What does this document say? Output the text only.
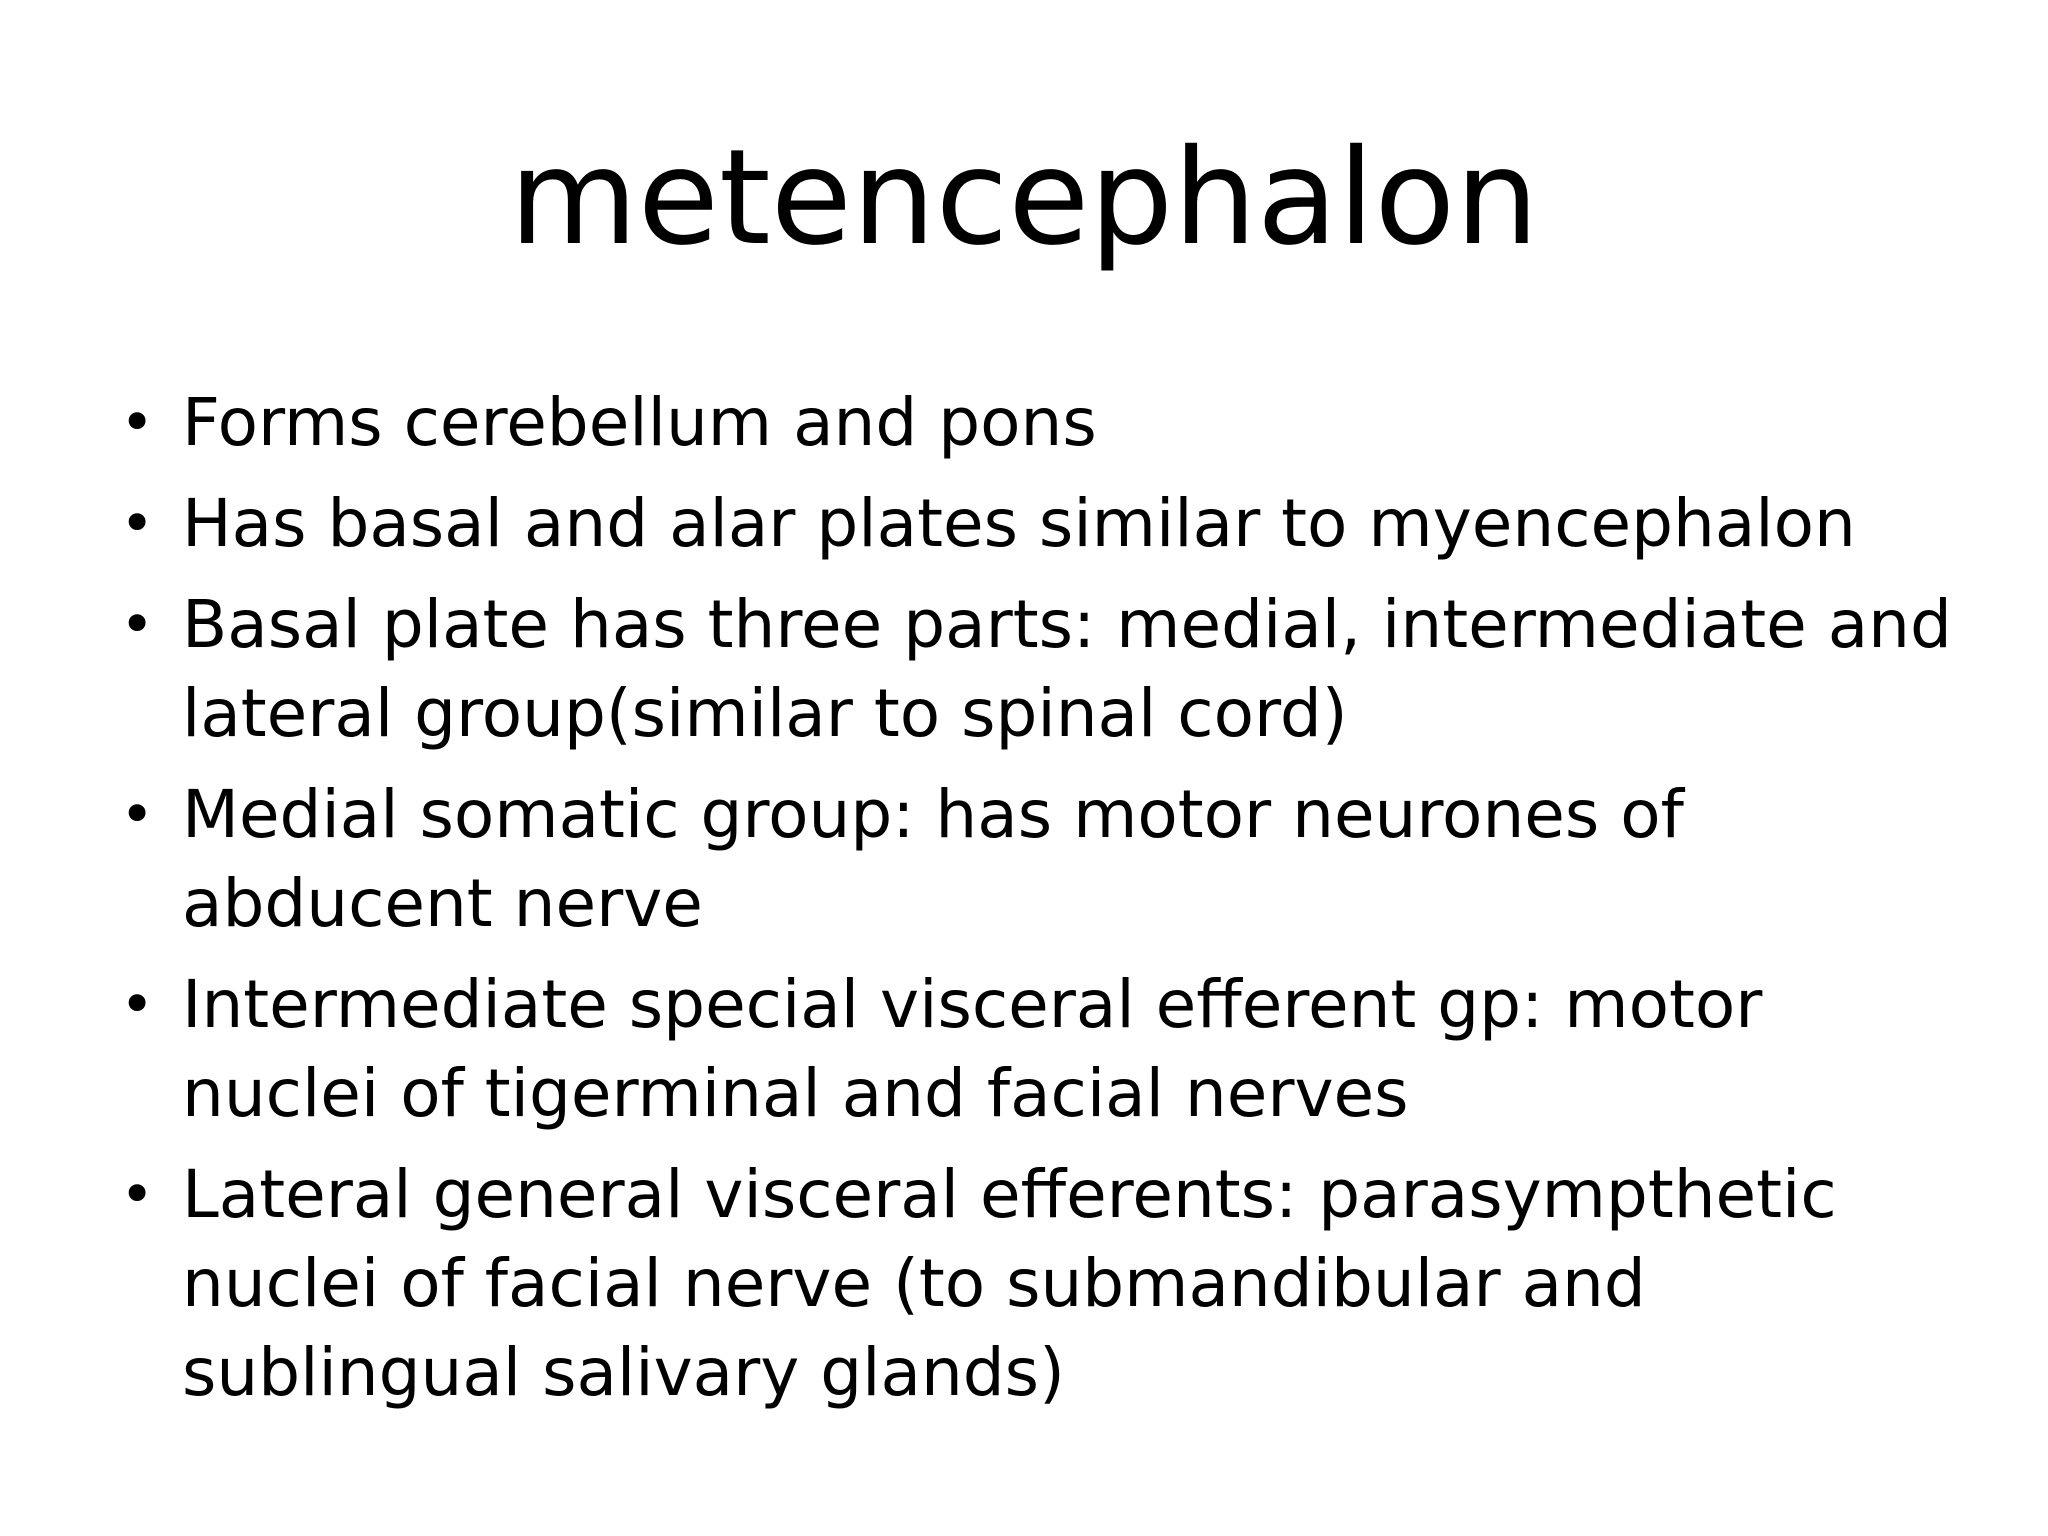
metencephalon
• Forms cerebellum and pons
• Has basal and alar plates similar to myencephalon
• Basal plate has three parts: medial, intermediate and lateral group(similar to spinal cord)
• Medial somatic group: has motor neurones of abducent nerve
• Intermediate special visceral efferent gp: motor nuclei of tigerminal and facial nerves
• Lateral general visceral efferents: parasympthetic nuclei of facial nerve (to submandibular and sublingual salivary glands)
